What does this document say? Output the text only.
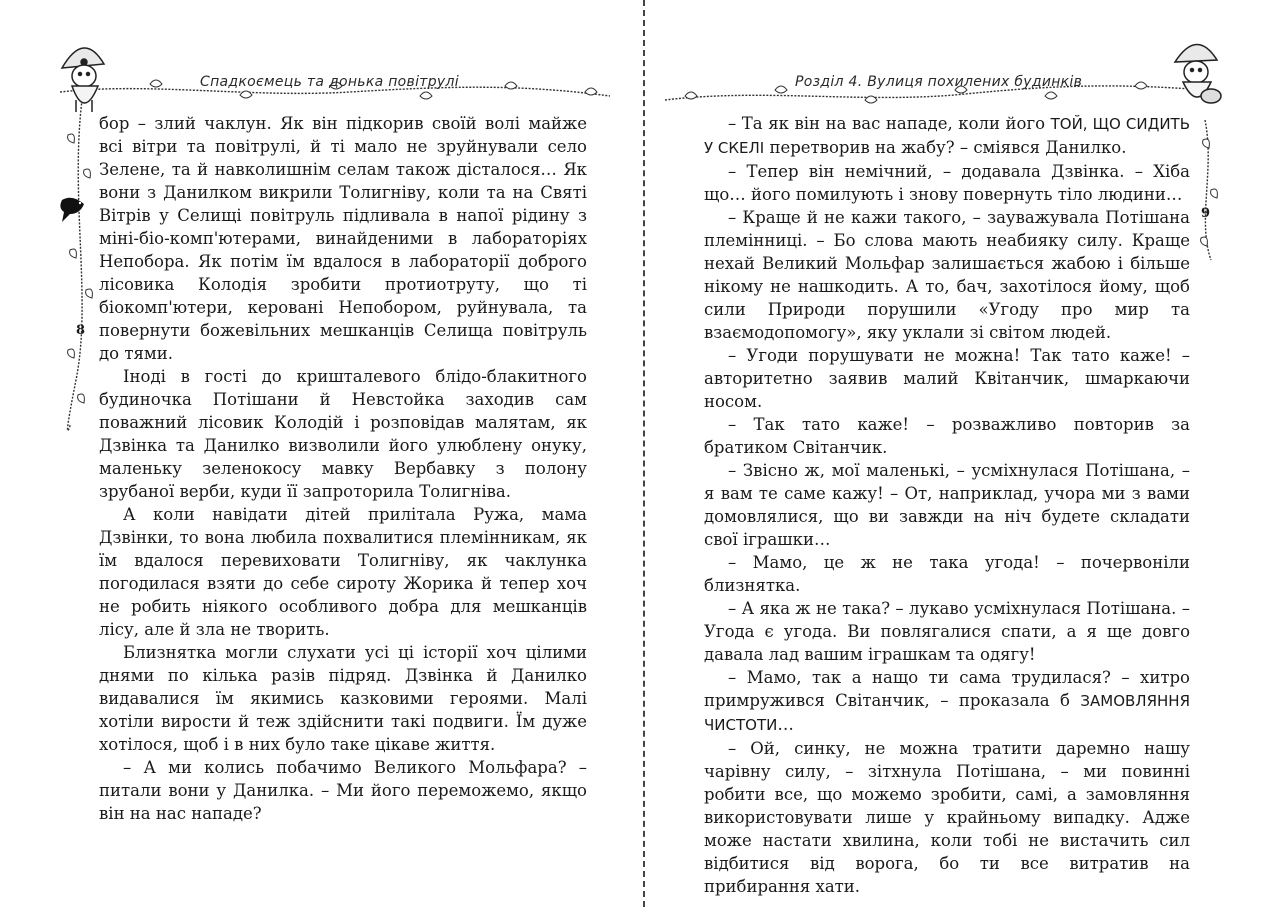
Спадкоємець та донька повітрулі
8

бор – злий чаклун. Як він підкорив своїй волі майже всі вітри та повітрулі, й ті мало не зруйнували село Зелене, та й навколишнім селам також дісталося… Як вони з Данилком викрили Толигніву, коли та на Святі Вітрів у Селищі повітруль підливала в напої рідину з міні-біо-комп'ютерами, винайденими в лабораторіях Непобора. Як потім їм вдалося в лабораторії доброго лісовика Колодія зробити протиотруту, що ті біокомп'ютери, керовані Непобором, руйнувала, та повернути божевільних мешканців Селища повітруль до тями.

Іноді в гості до кришталевого блідо-блакитного будиночка Потішани й Невстойка заходив сам поважний лісовик Колодій і розповідав малятам, як Дзвінка та Данилко визволили його улюблену онуку, маленьку зеленокосу мавку Вербавку з полону зрубаної верби, куди її запроторила Толигніва.

А коли навідати дітей прилітала Ружа, мама Дзвінки, то вона любила похвалитися племінникам, як їм вдалося перевиховати Толигніву, як чаклунка погодилася взяти до себе сироту Жорика й тепер хоч не робить ніякого особливого добра для мешканців лісу, але й зла не творить.

Близнятка могли слухати усі ці історії хоч цілими днями по кілька разів підряд. Дзвінка й Данилко видавалися їм якимись казковими героями. Малі хотіли вирости й теж здійснити такі подвиги. Їм дуже хотілося, щоб і в них було таке цікаве життя.

– А ми колись побачимо Великого Мольфара? – питали вони у Данилка. – Ми його переможемо, якщо він на нас нападе?

Розділ 4. Вулиця похилених будинків
9

– Та як він на вас нападе, коли його ТОЙ, ЩО СИДИТЬ У СКЕЛІ перетворив на жабу? – сміявся Данилко.

– Тепер він немічний, – додавала Дзвінка. – Хіба що… його помилують і знову повернуть тіло людини…

– Краще й не кажи такого, – зауважувала Потішана племінниці. – Бо слова мають неабияку силу. Краще нехай Великий Мольфар залишається жабою і більше нікому не нашкодить. А то, бач, захотілося йому, щоб сили Природи порушили «Угоду про мир та взаємодопомогу», яку уклали зі світом людей.

– Угоди порушувати не можна! Так тато каже! – авторитетно заявив малий Квітанчик, шмаркаючи носом.

– Так тато каже! – розважливо повторив за братиком Світанчик.

– Звісно ж, мої маленькі, – усміхнулася Потішана, – я вам те саме кажу! – От, наприклад, учора ми з вами домовлялися, що ви завжди на ніч будете складати свої іграшки…

– Мамо, це ж не така угода! – почервоніли близнятка.

– А яка ж не така? – лукаво усміхнулася Потішана. – Угода є угода. Ви повлягалися спати, а я ще довго давала лад вашим іграшкам та одягу!

– Мамо, так а нащо ти сама трудилася? – хитро примружився Світанчик, – проказала б ЗАМОВЛЯННЯ ЧИСТОТИ…

– Ой, синку, не можна тратити даремно нашу чарівну силу, – зітхнула Потішана, – ми повинні робити все, що можемо зробити, самі, а замовляння використовувати лише у крайньому випадку. Адже може настати хвилина, коли тобі не вистачить сил відбитися від ворога, бо ти все витратив на прибирання хати.
